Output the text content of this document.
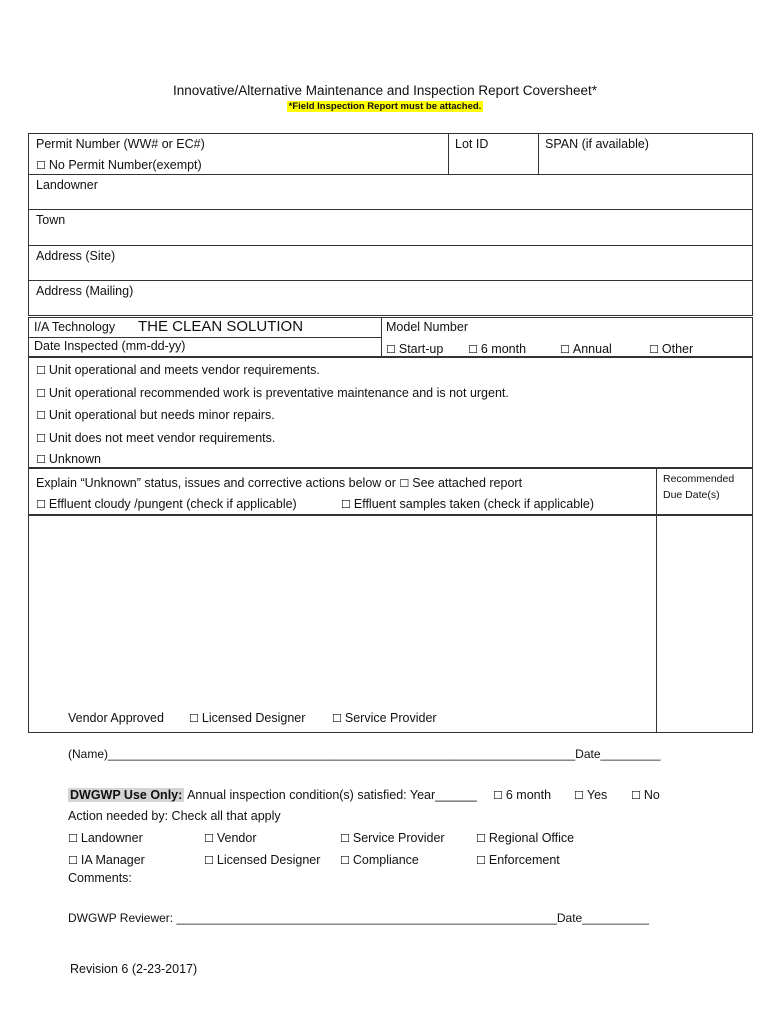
Innovative/Alternative Maintenance and Inspection Report Coversheet*
*Field Inspection Report must be attached.
Permit Number (WW# or EC#)
☐ No Permit Number(exempt)
Lot ID	SPAN (if available)
Landowner
Town
Address (Site)
Address (Mailing)
I/A Technology THE CLEAN SOLUTION	Model Number
Date Inspected (mm-dd-yy)	☐ Start-up ☐ 6 month	☐ Annual	☐ Other
☐ Unit operational and meets vendor requirements.
☐ Unit operational recommended work is preventative maintenance and is not urgent.
☐ Unit operational but needs minor repairs.
☐ Unit does not meet vendor requirements.
☐ Unknown
Explain “Unknown” status, issues and corrective actions below or ☐ See attached report
☐ Effluent cloudy /pungent (check if applicable)	☐ Effluent samples taken (check if applicable)
Recommended
Due Date(s)
Vendor Approved ☐ Licensed Designer ☐ Service Provider
(Name)______________________________________________________________________Date_________
DWGWP Use Only: Annual inspection condition(s) satisfied: Year______ ☐ 6 month ☐ Yes ☐ No
Action needed by: Check all that apply
☐ Landowner	☐ Vendor	☐ Service Provider	☐ Regional Office
☐ IA Manager	☐ Licensed Designer ☐ Compliance	☐ Enforcement
Comments:
DWGWP Reviewer: _________________________________________________________Date__________
Revision 6 (2-23-2017)
